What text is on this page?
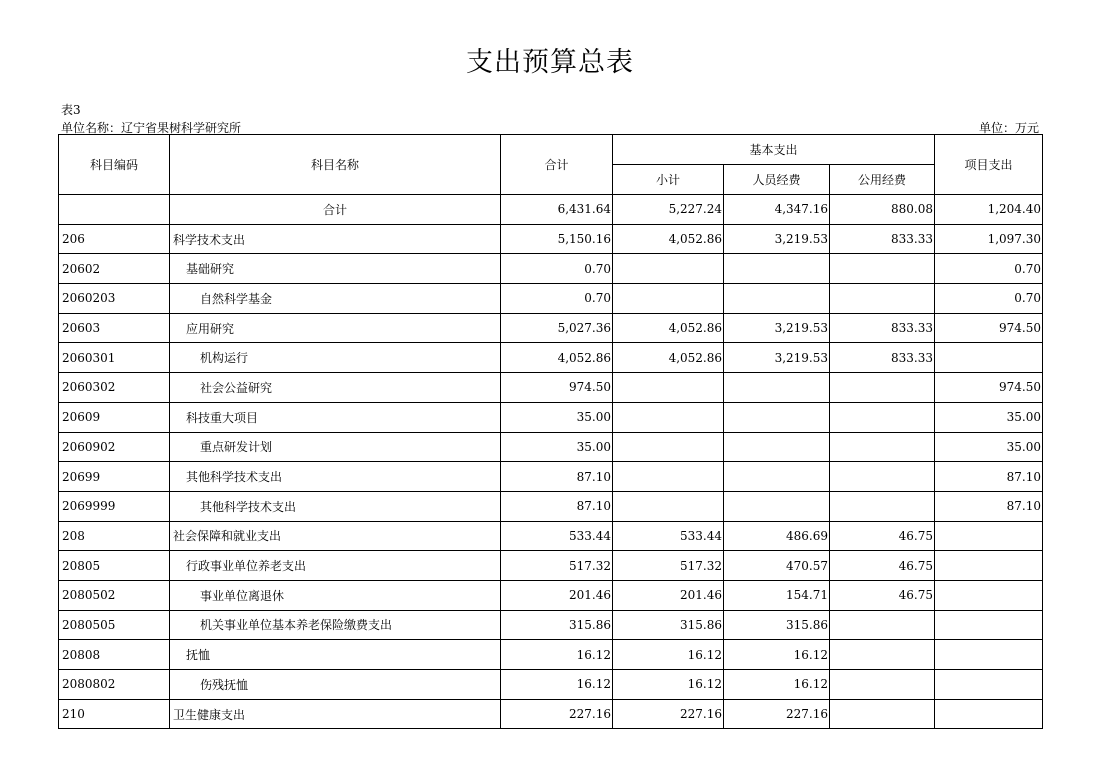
支出预算总表
表3
单位名称：辽宁省果树科学研究所	单位：万元
科目编码	科目名称	合计	基本支出			项目支出
			小计	人员经费	公用经费	
	合计	6,431.64	5,227.24	4,347.16	880.08	1,204.40
206	科学技术支出	5,150.16	4,052.86	3,219.53	833.33	1,097.30
20602	基础研究	0.70				0.70
2060203	自然科学基金	0.70				0.70
20603	应用研究	5,027.36	4,052.86	3,219.53	833.33	974.50
2060301	机构运行	4,052.86	4,052.86	3,219.53	833.33	
2060302	社会公益研究	974.50				974.50
20609	科技重大项目	35.00				35.00
2060902	重点研发计划	35.00				35.00
20699	其他科学技术支出	87.10				87.10
2069999	其他科学技术支出	87.10				87.10
208	社会保障和就业支出	533.44	533.44	486.69	46.75	
20805	行政事业单位养老支出	517.32	517.32	470.57	46.75	
2080502	事业单位离退休	201.46	201.46	154.71	46.75	
2080505	机关事业单位基本养老保险缴费支出	315.86	315.86	315.86		
20808	抚恤	16.12	16.12	16.12		
2080802	伤残抚恤	16.12	16.12	16.12		
210	卫生健康支出	227.16	227.16	227.16		
